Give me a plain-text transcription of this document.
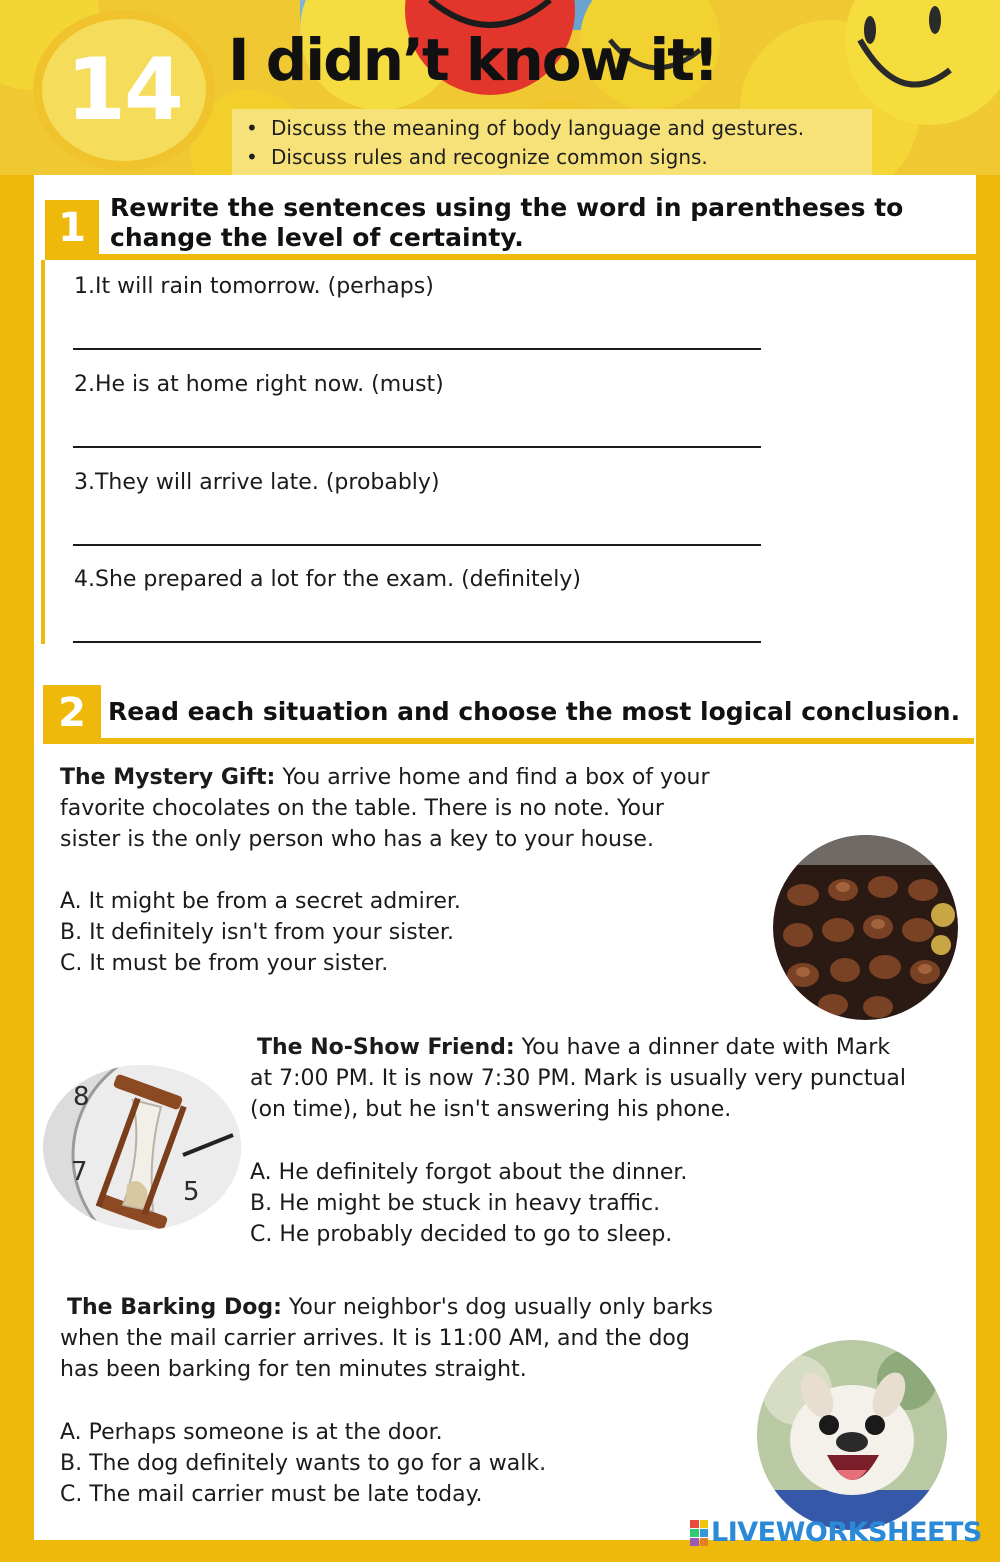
14 I didn’t know it!
• Discuss the meaning of body language and gestures.
• Discuss rules and recognize common signs.
1 Rewrite the sentences using the word in parentheses to
change the level of certainty.
1.It will rain tomorrow. (perhaps)
2.He is at home right now. (must)
3.They will arrive late. (probably)
4.She prepared a lot for the exam. (definitely)
2 Read each situation and choose the most logical conclusion.
The Mystery Gift: You arrive home and find a box of your
favorite chocolates on the table. There is no note. Your
sister is the only person who has a key to your house.
A. It might be from a secret admirer.
B. It definitely isn't from your sister.
C. It must be from your sister.
The No-Show Friend: You have a dinner date with Mark
at 7:00 PM. It is now 7:30 PM. Mark is usually very punctual
(on time), but he isn't answering his phone.
A. He definitely forgot about the dinner.
B. He might be stuck in heavy traffic.
C. He probably decided to go to sleep.
8
7
5
The Barking Dog: Your neighbor's dog usually only barks
when the mail carrier arrives. It is 11:00 AM, and the dog
has been barking for ten minutes straight.
A. Perhaps someone is at the door.
B. The dog definitely wants to go for a walk.
C. The mail carrier must be late today.
LIVEWORKSHEETS
